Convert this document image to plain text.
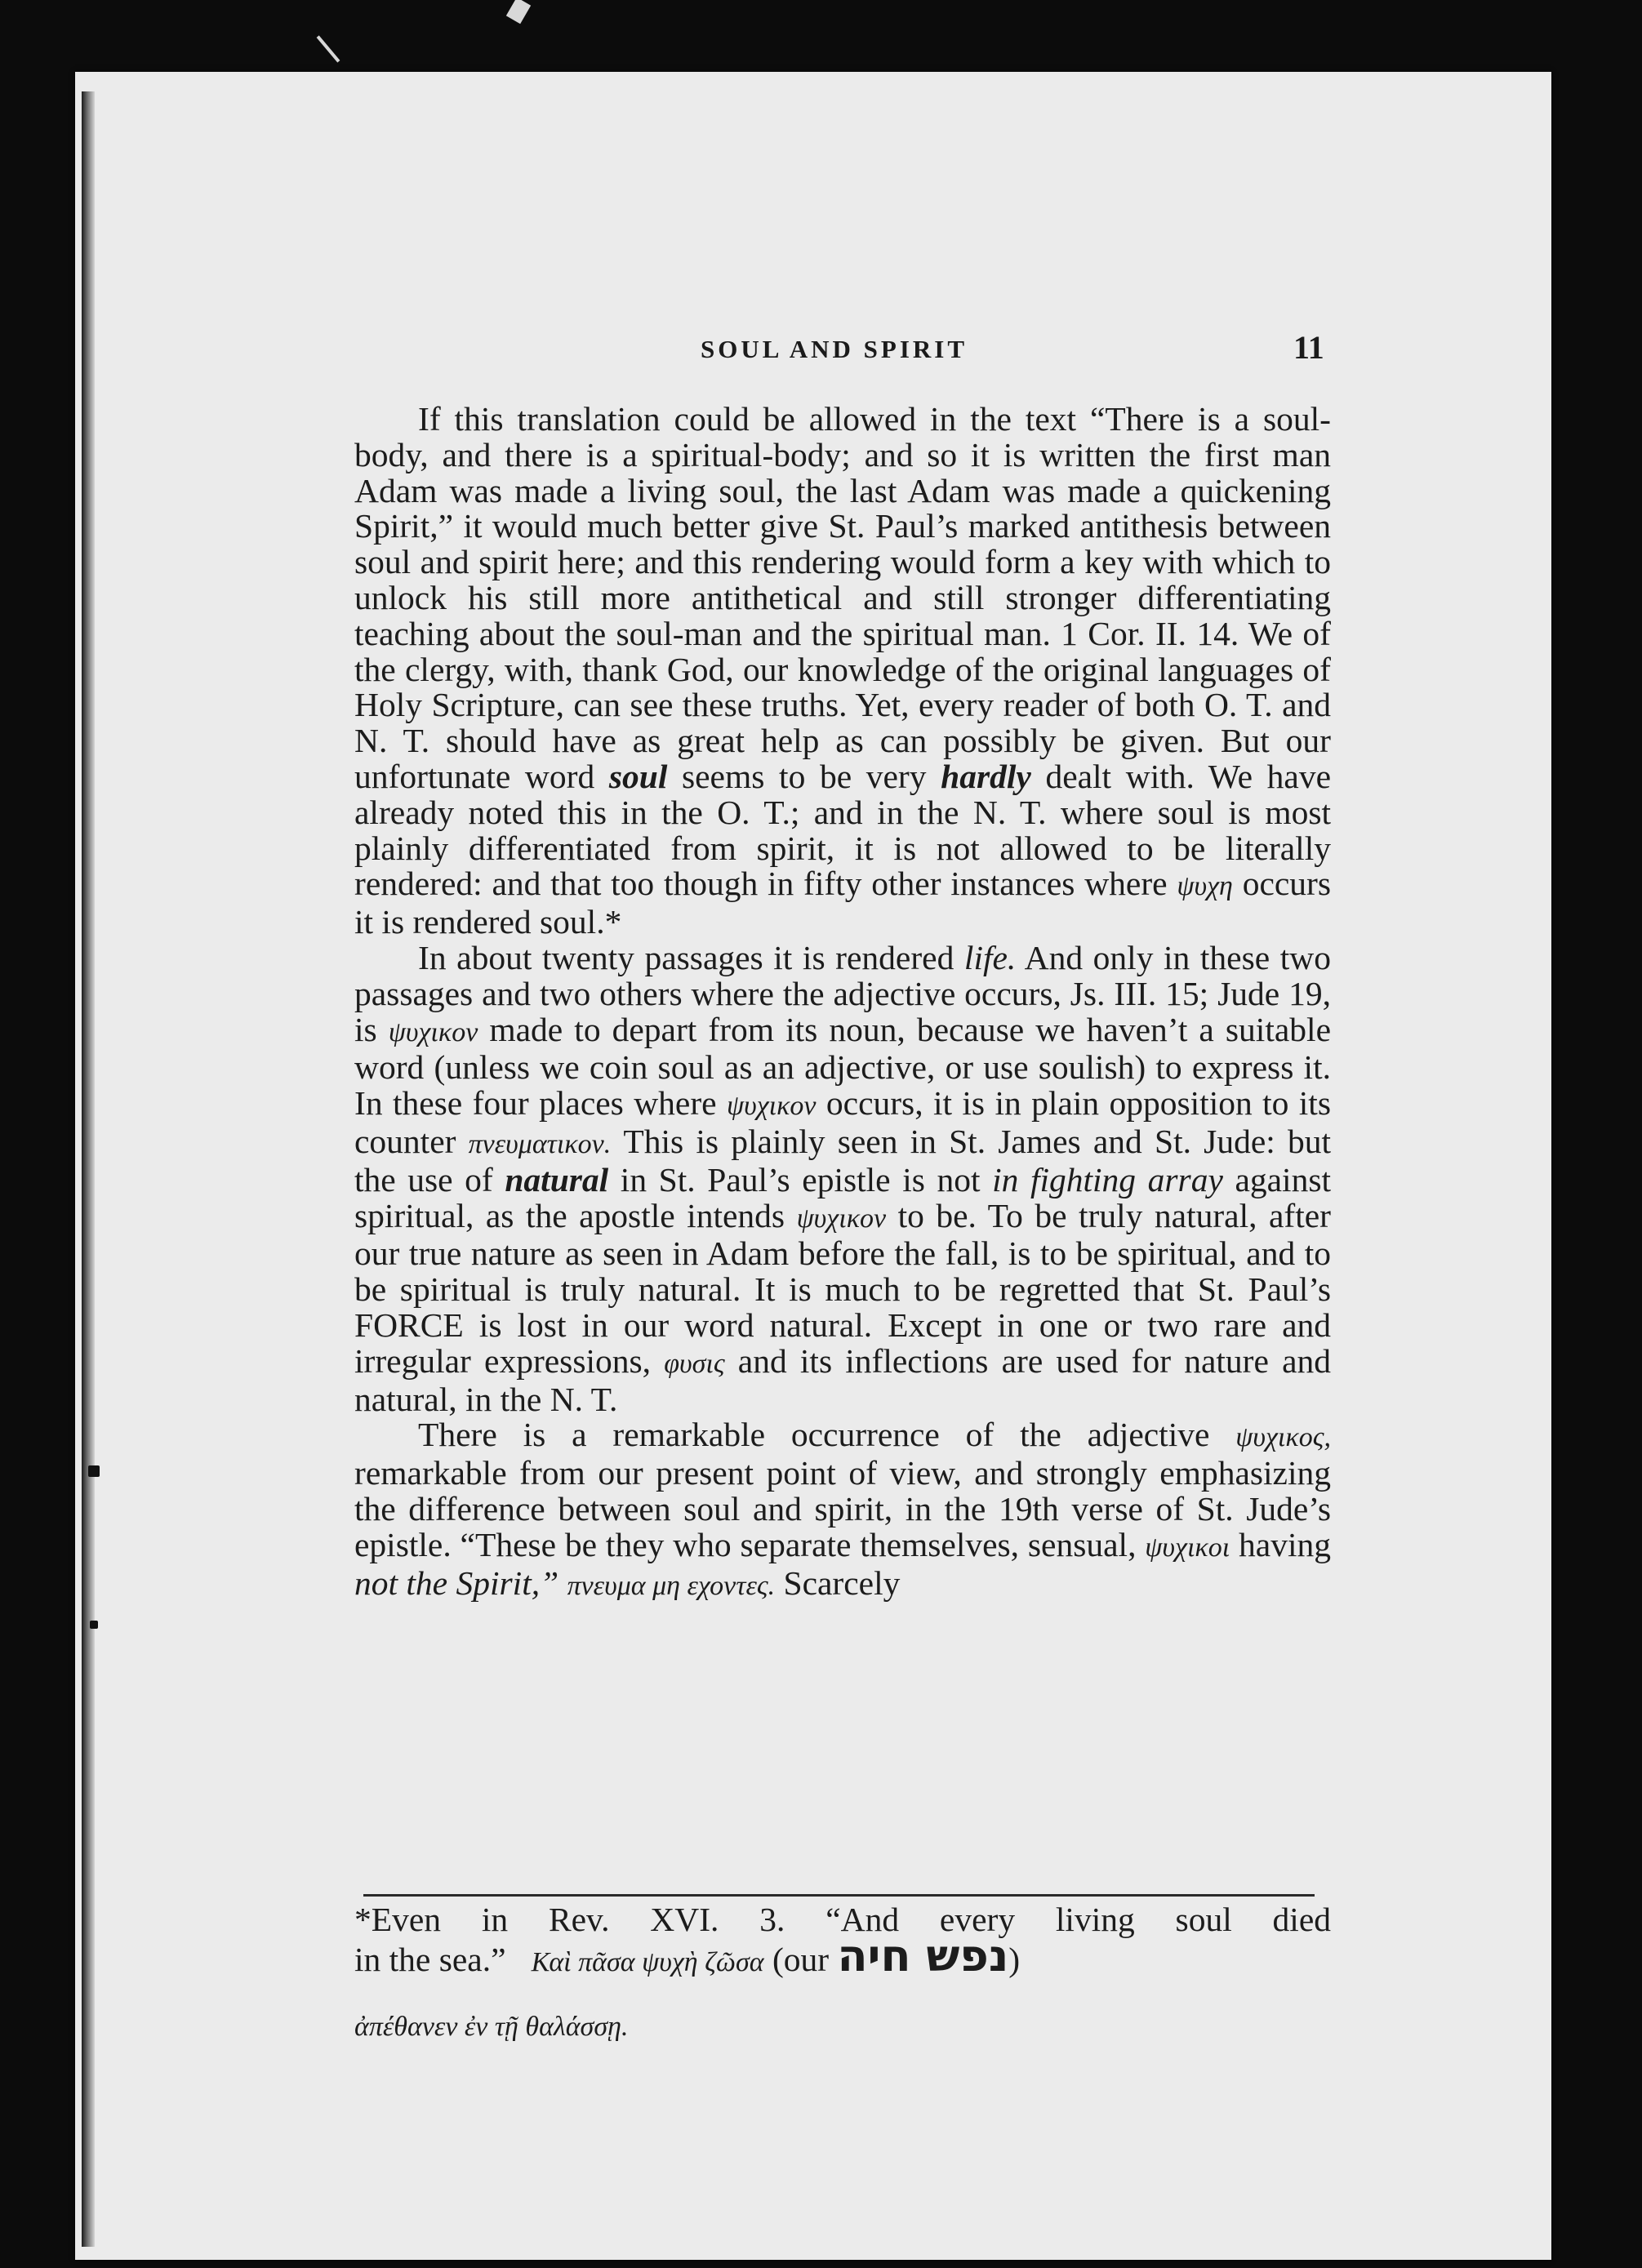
SOUL AND SPIRIT	11

If this translation could be allowed in the text “There is a soul-body, and there is a spiritual-body; and so it is written the first man Adam was made a living soul, the last Adam was made a quickening Spirit,” it would much better give St. Paul’s marked antithesis between soul and spirit here; and this rendering would form a key with which to unlock his still more antithetical and still stronger differentiating teaching about the soul-man and the spiritual man. 1 Cor. II. 14. We of the clergy, with, thank God, our knowledge of the original languages of Holy Scripture, can see these truths. Yet, every reader of both O. T. and N. T. should have as great help as can possibly be given. But our unfortunate word soul seems to be very hardly dealt with. We have already noted this in the O. T.; and in the N. T. where soul is most plainly differentiated from spirit, it is not allowed to be literally rendered: and that too though in fifty other instances where ψυχη occurs it is rendered soul.*

In about twenty passages it is rendered life. And only in these two passages and two others where the adjective occurs, Js. III. 15; Jude 19, is ψυχικον made to depart from its noun, because we haven’t a suitable word (unless we coin soul as an adjective, or use soulish) to express it. In these four places where ψυχικον occurs, it is in plain opposition to its counter πνευματικον. This is plainly seen in St. James and St. Jude: but the use of natural in St. Paul’s epistle is not in fighting array against spiritual, as the apostle intends ψυχικον to be. To be truly natural, after our true nature as seen in Adam before the fall, is to be spiritual, and to be spiritual is truly natural. It is much to be regretted that St. Paul’s FORCE is lost in our word natural. Except in one or two rare and irregular expressions, φυσις and its inflections are used for nature and natural, in the N. T.

There is a remarkable occurrence of the adjective ψυχικος, remarkable from our present point of view, and strongly emphasizing the difference between soul and spirit, in the 19th verse of St. Jude’s epistle. “These be they who separate themselves, sensual, ψυχικοι having not the Spirit,” πνευμα μη εχοντες. Scarcely

*Even in Rev. XVI. 3. “And every living soul died
in the sea.” Καὶ πᾶσα ψυχὴ ζῶσα (our נפש חיה)
ἀπέθανεν ἐν τῇ θαλάσσῃ.
